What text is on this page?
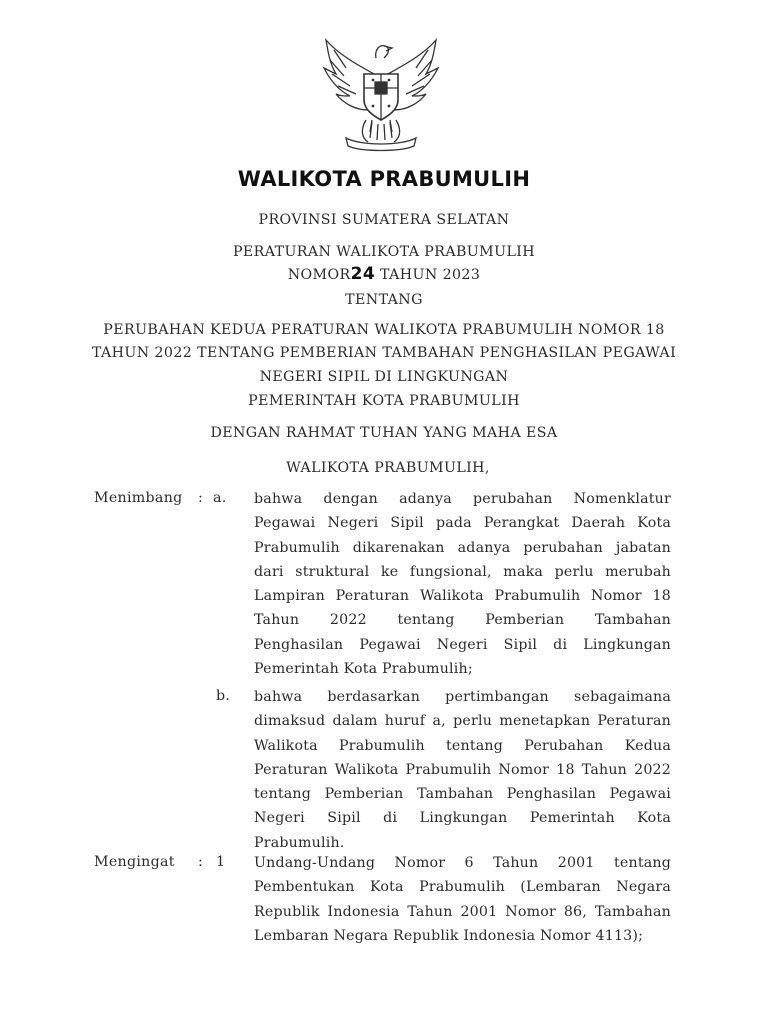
WALIKOTA PRABUMULIH
PROVINSI SUMATERA SELATAN
PERATURAN WALIKOTA PRABUMULIH
NOMOR24 TAHUN 2023
TENTANG
PERUBAHAN KEDUA PERATURAN WALIKOTA PRABUMULIH NOMOR 18
TAHUN 2022 TENTANG PEMBERIAN TAMBAHAN PENGHASILAN PEGAWAI
NEGERI SIPIL DI LINGKUNGAN
PEMERINTAH KOTA PRABUMULIH
DENGAN RAHMAT TUHAN YANG MAHA ESA
WALIKOTA PRABUMULIH,
Menimbang : a. bahwa dengan adanya perubahan Nomenklatur
Pegawai Negeri Sipil pada Perangkat Daerah Kota
Prabumulih dikarenakan adanya perubahan jabatan
dari struktural ke fungsional, maka perlu merubah
Lampiran Peraturan Walikota Prabumulih Nomor 18
Tahun 2022 tentang Pemberian Tambahan
Penghasilan Pegawai Negeri Sipil di Lingkungan
Pemerintah Kota Prabumulih;
b. bahwa berdasarkan pertimbangan sebagaimana
dimaksud dalam huruf a, perlu menetapkan Peraturan
Walikota Prabumulih tentang Perubahan Kedua
Peraturan Walikota Prabumulih Nomor 18 Tahun 2022
tentang Pemberian Tambahan Penghasilan Pegawai
Negeri Sipil di Lingkungan Pemerintah Kota
Prabumulih.
Mengingat : 1 Undang-Undang Nomor 6 Tahun 2001 tentang
Pembentukan Kota Prabumulih (Lembaran Negara
Republik Indonesia Tahun 2001 Nomor 86, Tambahan
Lembaran Negara Republik Indonesia Nomor 4113);
